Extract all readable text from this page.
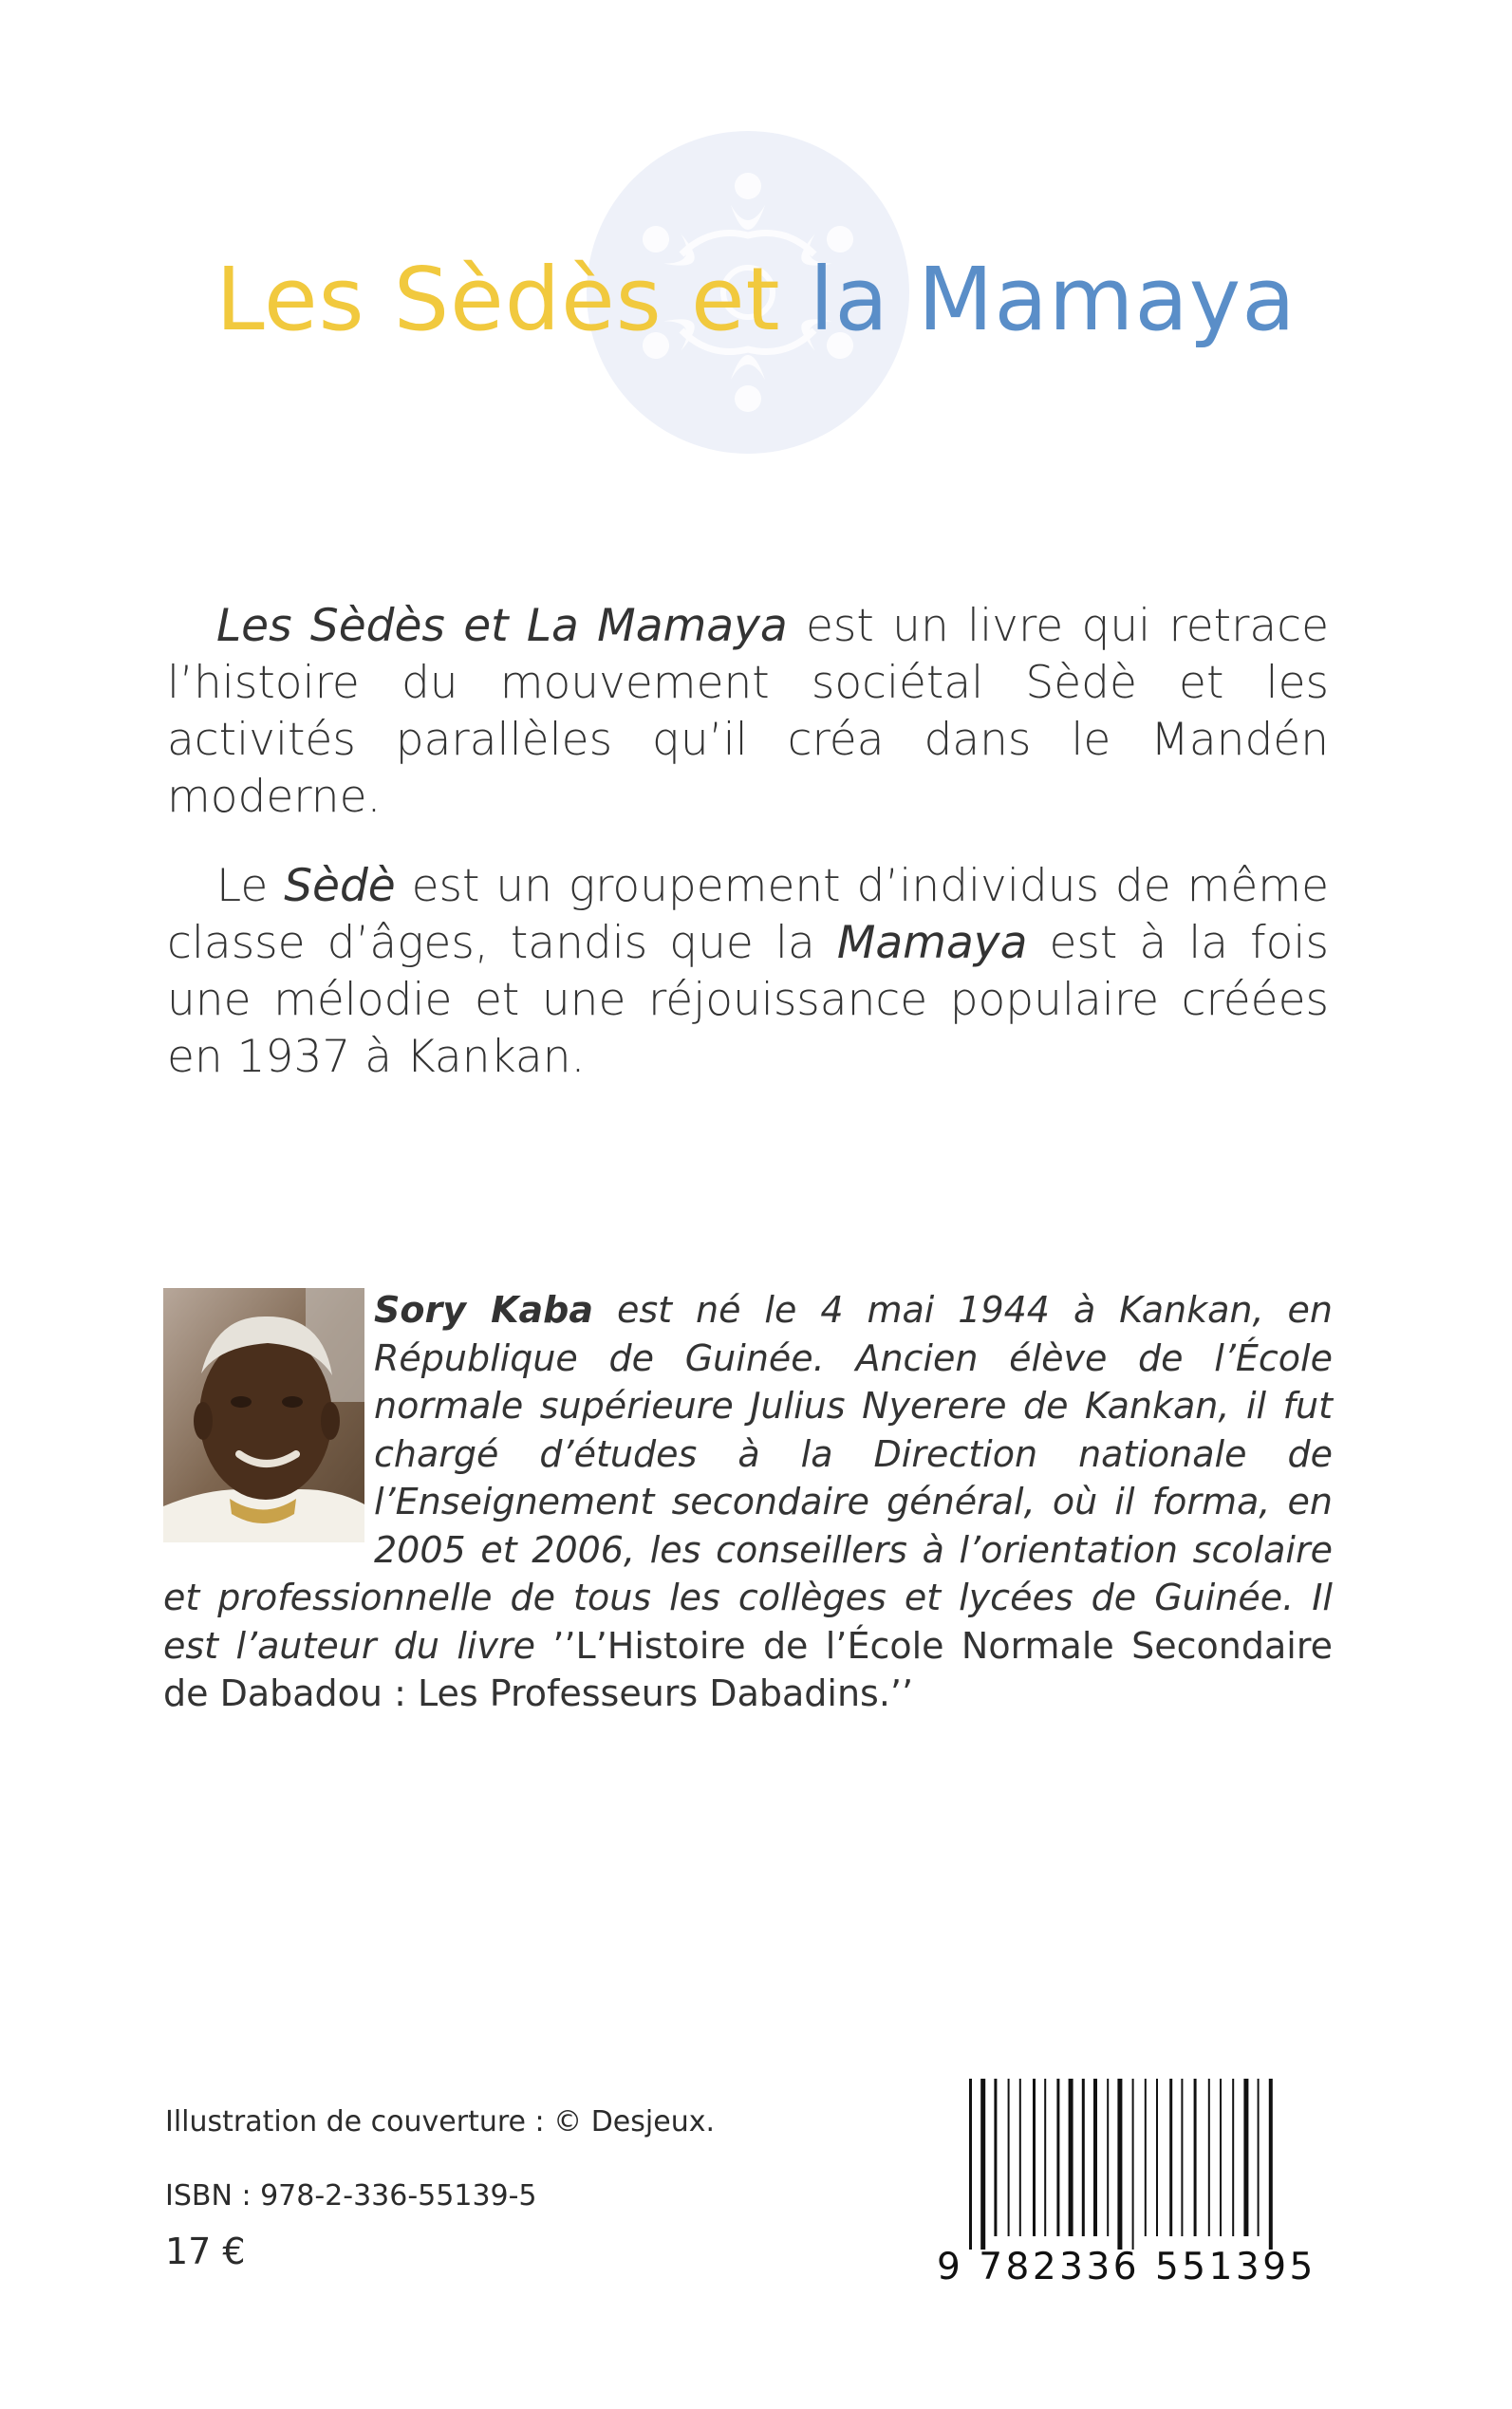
Les Sèdès et la Mamaya

Les Sèdès et La Mamaya est un livre qui retrace l’histoire du mouvement sociétal Sèdè et les activités parallèles qu’il créa dans le Mandén moderne.

Le Sèdè est un groupement d’individus de même classe d’âges, tandis que la Mamaya est à la fois une mélodie et une réjouissance populaire créées en 1937 à Kankan.

Sory Kaba est né le 4 mai 1944 à Kankan, en République de Guinée. Ancien élève de l’École normale supérieure Julius Nyerere de Kankan, il fut chargé d’études à la Direction nationale de l’Enseignement secondaire général, où il forma, en 2005 et 2006, les conseillers à l’orientation scolaire et professionnelle de tous les collèges et lycées de Guinée. Il est l’auteur du livre ’’L’Histoire de l’École Normale Secondaire de Dabadou : Les Professeurs Dabadins.’’
Illustration de couverture : © Desjeux.
ISBN : 978-2-336-55139-5
17 €	9 782336 551395
